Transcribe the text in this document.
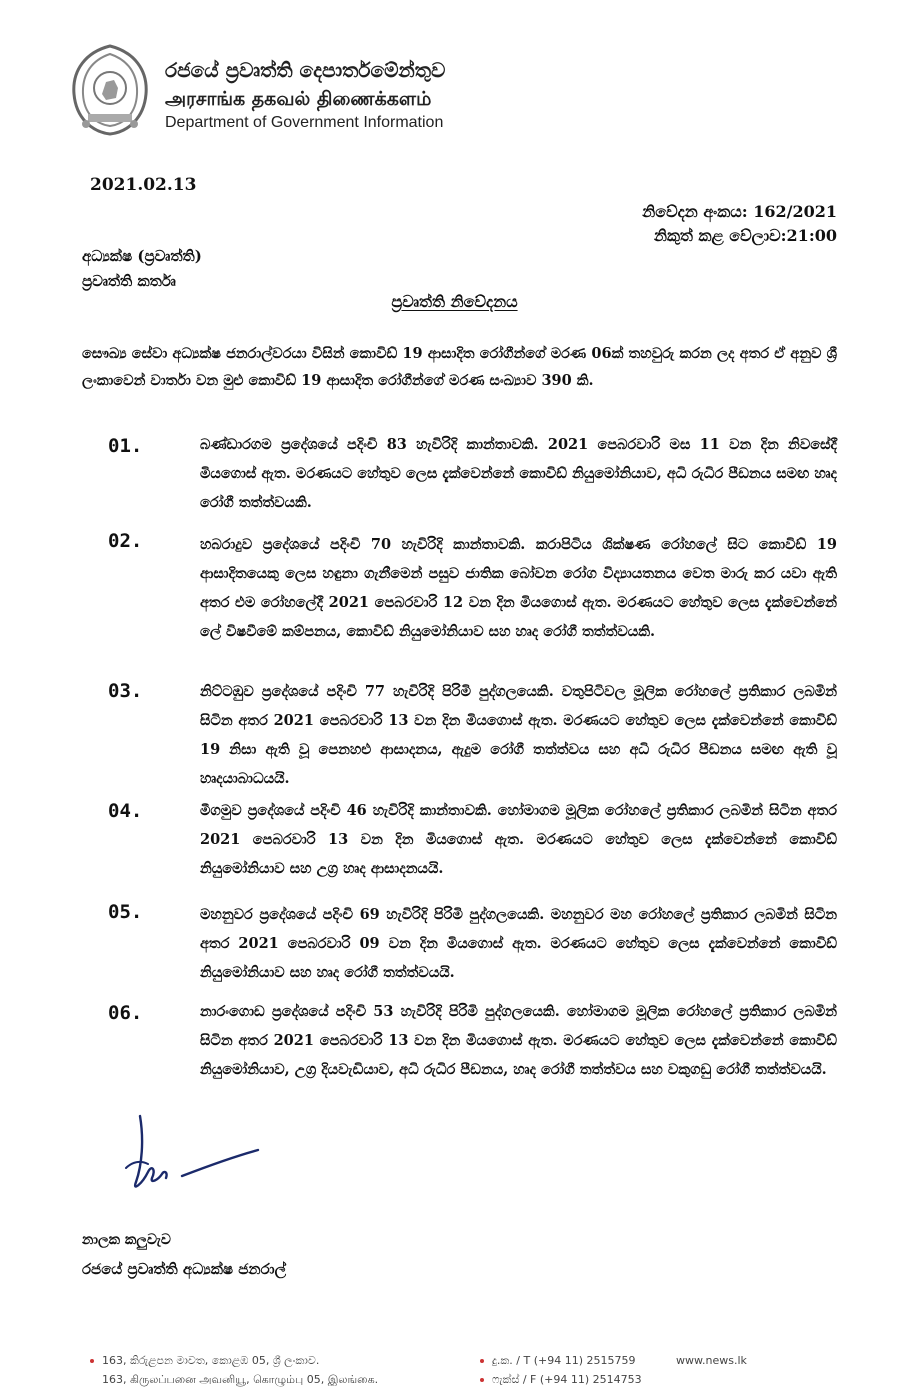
රජයේ ප්‍රවෘත්ති දෙපාර්තමේන්තුව
அரசாங்க தகவல் திணைக்களம்
Department of Government Information
2021.02.13
නිවේදන අංකය: 162/2021
නිකුත් කළ වේලාව:21:00
අධ්‍යක්ෂ (ප්‍රවෘත්ති)
ප්‍රවෘත්ති කර්තෘ
ප්‍රවෘත්ති නිවේදනය
සෞඛ්‍ය සේවා අධ්‍යක්ෂ ජනරාල්වරයා විසින් කොවිඩ් 19 ආසාදිත රෝගීන්ගේ මරණ 06ක් තහවුරු කරන ලද අතර ඒ අනුව ශ්‍රී ලංකාවෙන් වාර්තා වන මුළු කොවිඩ් 19 ආසාදිත රෝගීන්ගේ මරණ සංඛ්‍යාව 390 කි.
01.	බණ්ඩාරගම ප්‍රදේශයේ පදිංචි 83 හැවිරිදි කාන්තාවකි. 2021 පෙබරවාරි මස 11 වන දින නිවසේදී මියගොස් ඇත. මරණයට හේතුව ලෙස දැක්වෙන්නේ කොවිඩ් නියුමෝනියාව, අධි රුධිර පීඩනය සමඟ හෘද රෝගී තත්ත්වයකි.
02.	හබරාදුව ප්‍රදේශයේ පදිංචි 70 හැවිරිදි කාන්තාවකි. කරාපිටිය ශික්ෂණ රෝහලේ සිට කොවිඩ් 19 ආසාදිතයෙකු ලෙස හඳුනා ගැනීමෙන් පසුව ජාතික බෝවන රෝග විද්‍යායතනය වෙත මාරු කර යවා ඇති අතර එම රෝහලේදී 2021 පෙබරවාරි 12 වන දින මියගොස් ඇත. මරණයට හේතුව ලෙස දැක්වෙන්නේ ලේ විෂවීමේ කම්පනය, කොවිඩ් නියුමෝනියාව සහ හෘද රෝගී තත්ත්වයකි.
03.	නිට්ටඹුව ප්‍රදේශයේ පදිංචි 77 හැවිරිදි පිරිමි පුද්ගලයෙකි. වතුපිටිවල මූලික රෝහලේ ප්‍රතිකාර ලබමින් සිටින අතර 2021 පෙබරවාරි 13 වන දින මියගොස් ඇත. මරණයට හේතුව ලෙස දැක්වෙන්නේ කොවිඩ් 19 නිසා ඇති වූ පෙනහළු ආසාදනය, ඇදුම රෝගී තත්ත්වය සහ අධි රුධිර පීඩනය සමඟ ඇති වූ හෘදයාබාධයයි.
04.	මීගමුව ප්‍රදේශයේ පදිංචි 46 හැවිරිදි කාන්තාවකි. හෝමාගම මූලික රෝහලේ ප්‍රතිකාර ලබමින් සිටින අතර 2021 පෙබරවාරි 13 වන දින මියගොස් ඇත. මරණයට හේතුව ලෙස දැක්වෙන්නේ කොවිඩ් නියුමෝනියාව සහ උග්‍ර හෘද ආසාදනයයි.
05.	මහනුවර ප්‍රදේශයේ පදිංචි 69 හැවිරිදි පිරිමි පුද්ගලයෙකි. මහනුවර මහ රෝහලේ ප්‍රතිකාර ලබමින් සිටින අතර 2021 පෙබරවාරි 09 වන දින මියගොස් ඇත. මරණයට හේතුව ලෙස දැක්වෙන්නේ කොවිඩ් නියුමෝනියාව සහ හෘද රෝගී තත්ත්වයයි.
06.	නාරංගොඩ ප්‍රදේශයේ පදිංචි 53 හැවිරිදි පිරිමි පුද්ගලයෙකි. හෝමාගම මූලික රෝහලේ ප්‍රතිකාර ලබමින් සිටින අතර 2021 පෙබරවාරි 13 වන දින මියගොස් ඇත. මරණයට හේතුව ලෙස දැක්වෙන්නේ කොවිඩ් නියුමෝනියාව, උග්‍ර දියවැඩියාව, අධි රුධිර පීඩනය, හෘද රෝගී තත්ත්වය සහ වකුගඩු රෝගී තත්ත්වයයි.
නාලක කලුවැව
රජයේ ප්‍රවෘත්ති අධ්‍යක්ෂ ජනරාල්
163, කිරුළපන මාවත, කොළඹ 05, ශ්‍රී ලංකාව.
163, கிருலப்பனை அவனியூ, கொழும்பு 05, இலங்கை.
දු.ක. / T (+94 11) 2515759
ෆැක්ස් / F (+94 11) 2514753
www.news.lk
